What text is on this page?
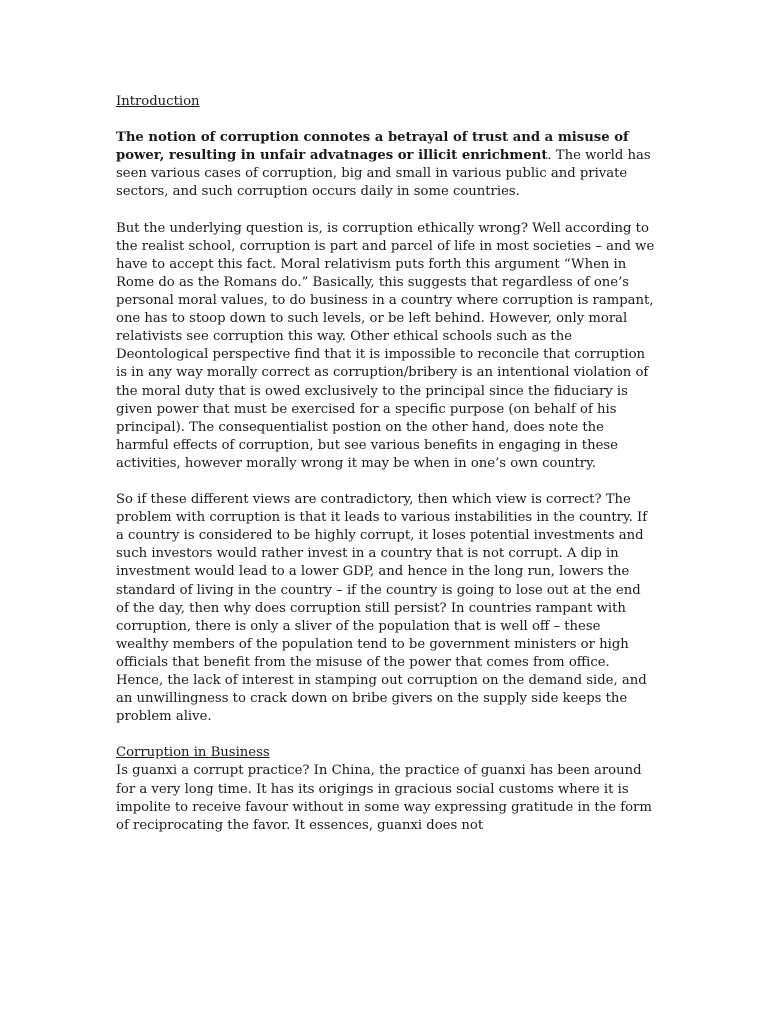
Introduction

The notion of corruption connotes a betrayal of trust and a misuse of power, resulting in unfair advatnages or illicit enrichment. The world has seen various cases of corruption, big and small in various public and private sectors, and such corruption occurs daily in some countries.

But the underlying question is, is corruption ethically wrong? Well according to the realist school, corruption is part and parcel of life in most societies – and we have to accept this fact. Moral relativism puts forth this argument “When in Rome do as the Romans do.” Basically, this suggests that regardless of one’s personal moral values, to do business in a country where corruption is rampant, one has to stoop down to such levels, or be left behind. However, only moral relativists see corruption this way. Other ethical schools such as the Deontological perspective find that it is impossible to reconcile that corruption is in any way morally correct as corruption/bribery is an intentional violation of the moral duty that is owed exclusively to the principal since the fiduciary is given power that must be exercised for a specific purpose (on behalf of his principal). The consequentialist postion on the other hand, does note the harmful effects of corruption, but see various benefits in engaging in these activities, however morally wrong it may be when in one’s own country.

So if these different views are contradictory, then which view is correct? The problem with corruption is that it leads to various instabilities in the country. If a country is considered to be highly corrupt, it loses potential investments and such investors would rather invest in a country that is not corrupt. A dip in investment would lead to a lower GDP, and hence in the long run, lowers the standard of living in the country – if the country is going to lose out at the end of the day, then why does corruption still persist? In countries rampant with corruption, there is only a sliver of the population that is well off – these wealthy members of the population tend to be government ministers or high officials that benefit from the misuse of the power that comes from office. Hence, the lack of interest in stamping out corruption on the demand side, and an unwillingness to crack down on bribe givers on the supply side keeps the problem alive.

Corruption in Business

Is guanxi a corrupt practice? In China, the practice of guanxi has been around for a very long time. It has its origings in gracious social customs where it is impolite to receive favour without in some way expressing gratitude in the form of reciprocating the favor. It essences, guanxi does not
